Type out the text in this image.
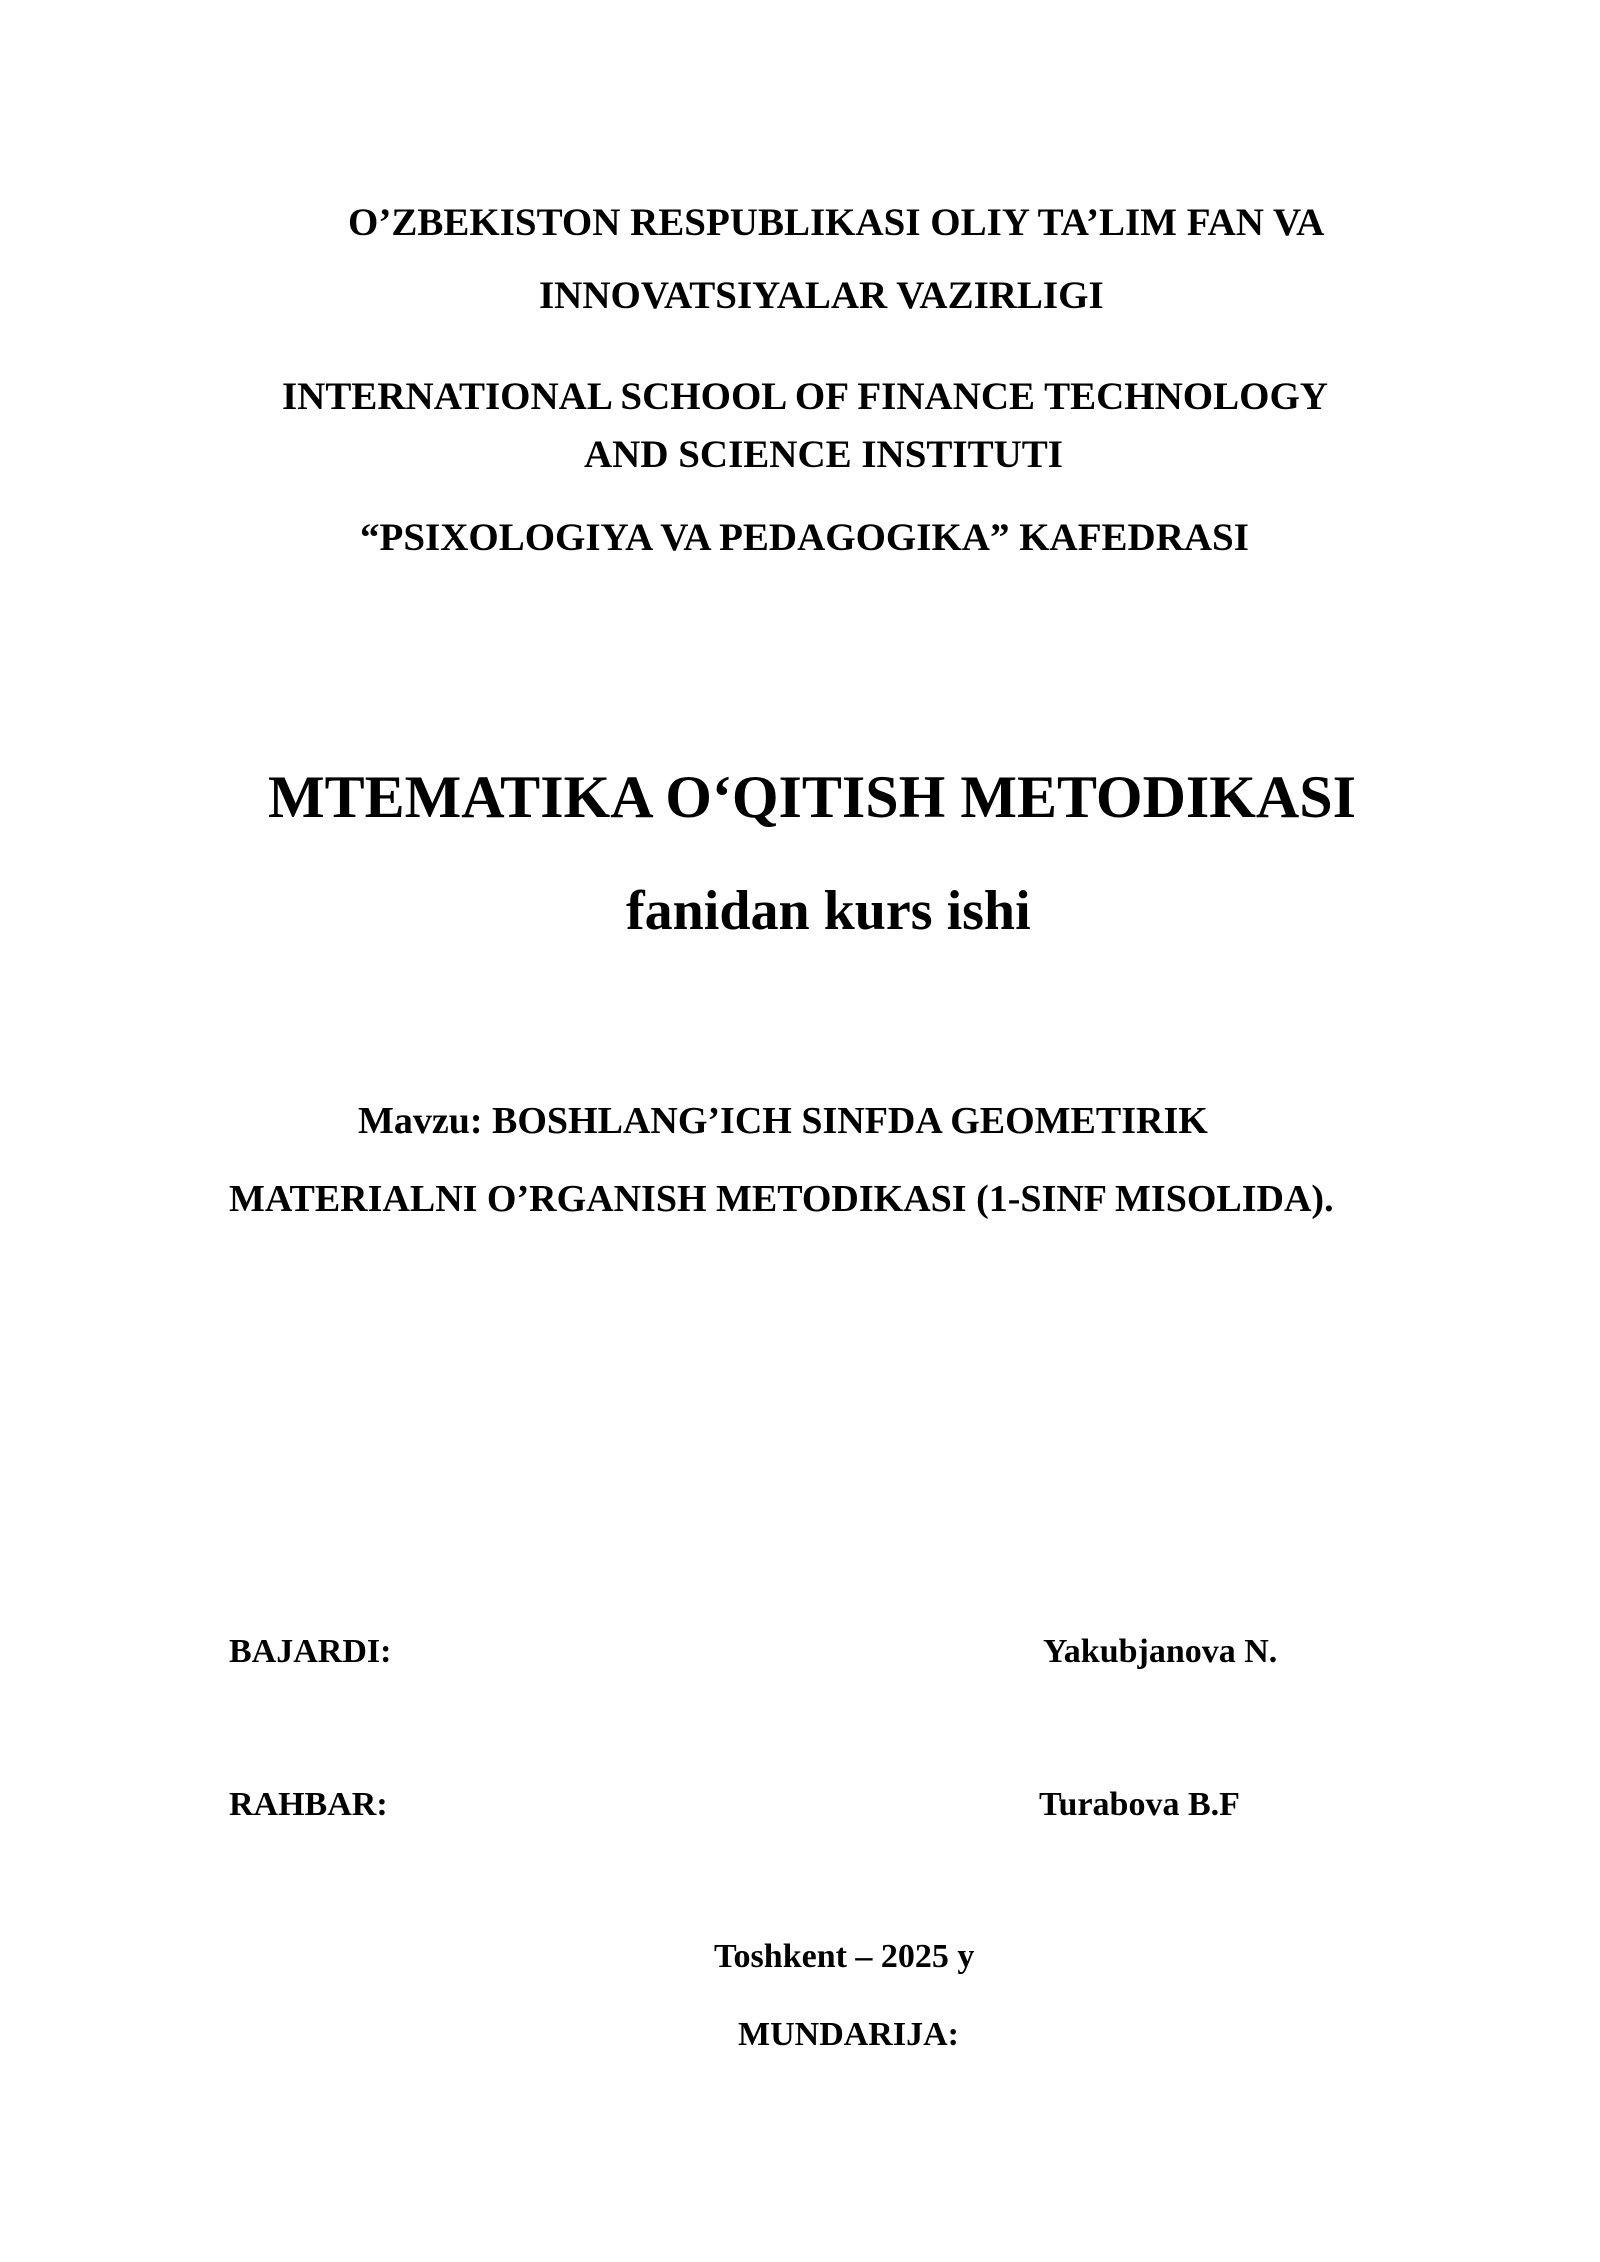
O’ZBEKISTON RESPUBLIKASI OLIY TA’LIM FAN VA
INNOVATSIYALAR VAZIRLIGI
INTERNATIONAL SCHOOL OF FINANCE TECHNOLOGY
AND SCIENCE INSTITUTI
“PSIXOLOGIYA VA PEDAGOGIKA” KAFEDRASI
MTEMATIKA O‘QITISH METODIKASI
fanidan kurs ishi
Mavzu: BOSHLANG’ICH SINFDA GEOMETIRIK
MATERIALNI O’RGANISH METODIKASI (1-SINF MISOLIDA).
BAJARDI:	Yakubjanova N.
RAHBAR:	Turabova B.F
Toshkent – 2025 y
MUNDARIJA:
